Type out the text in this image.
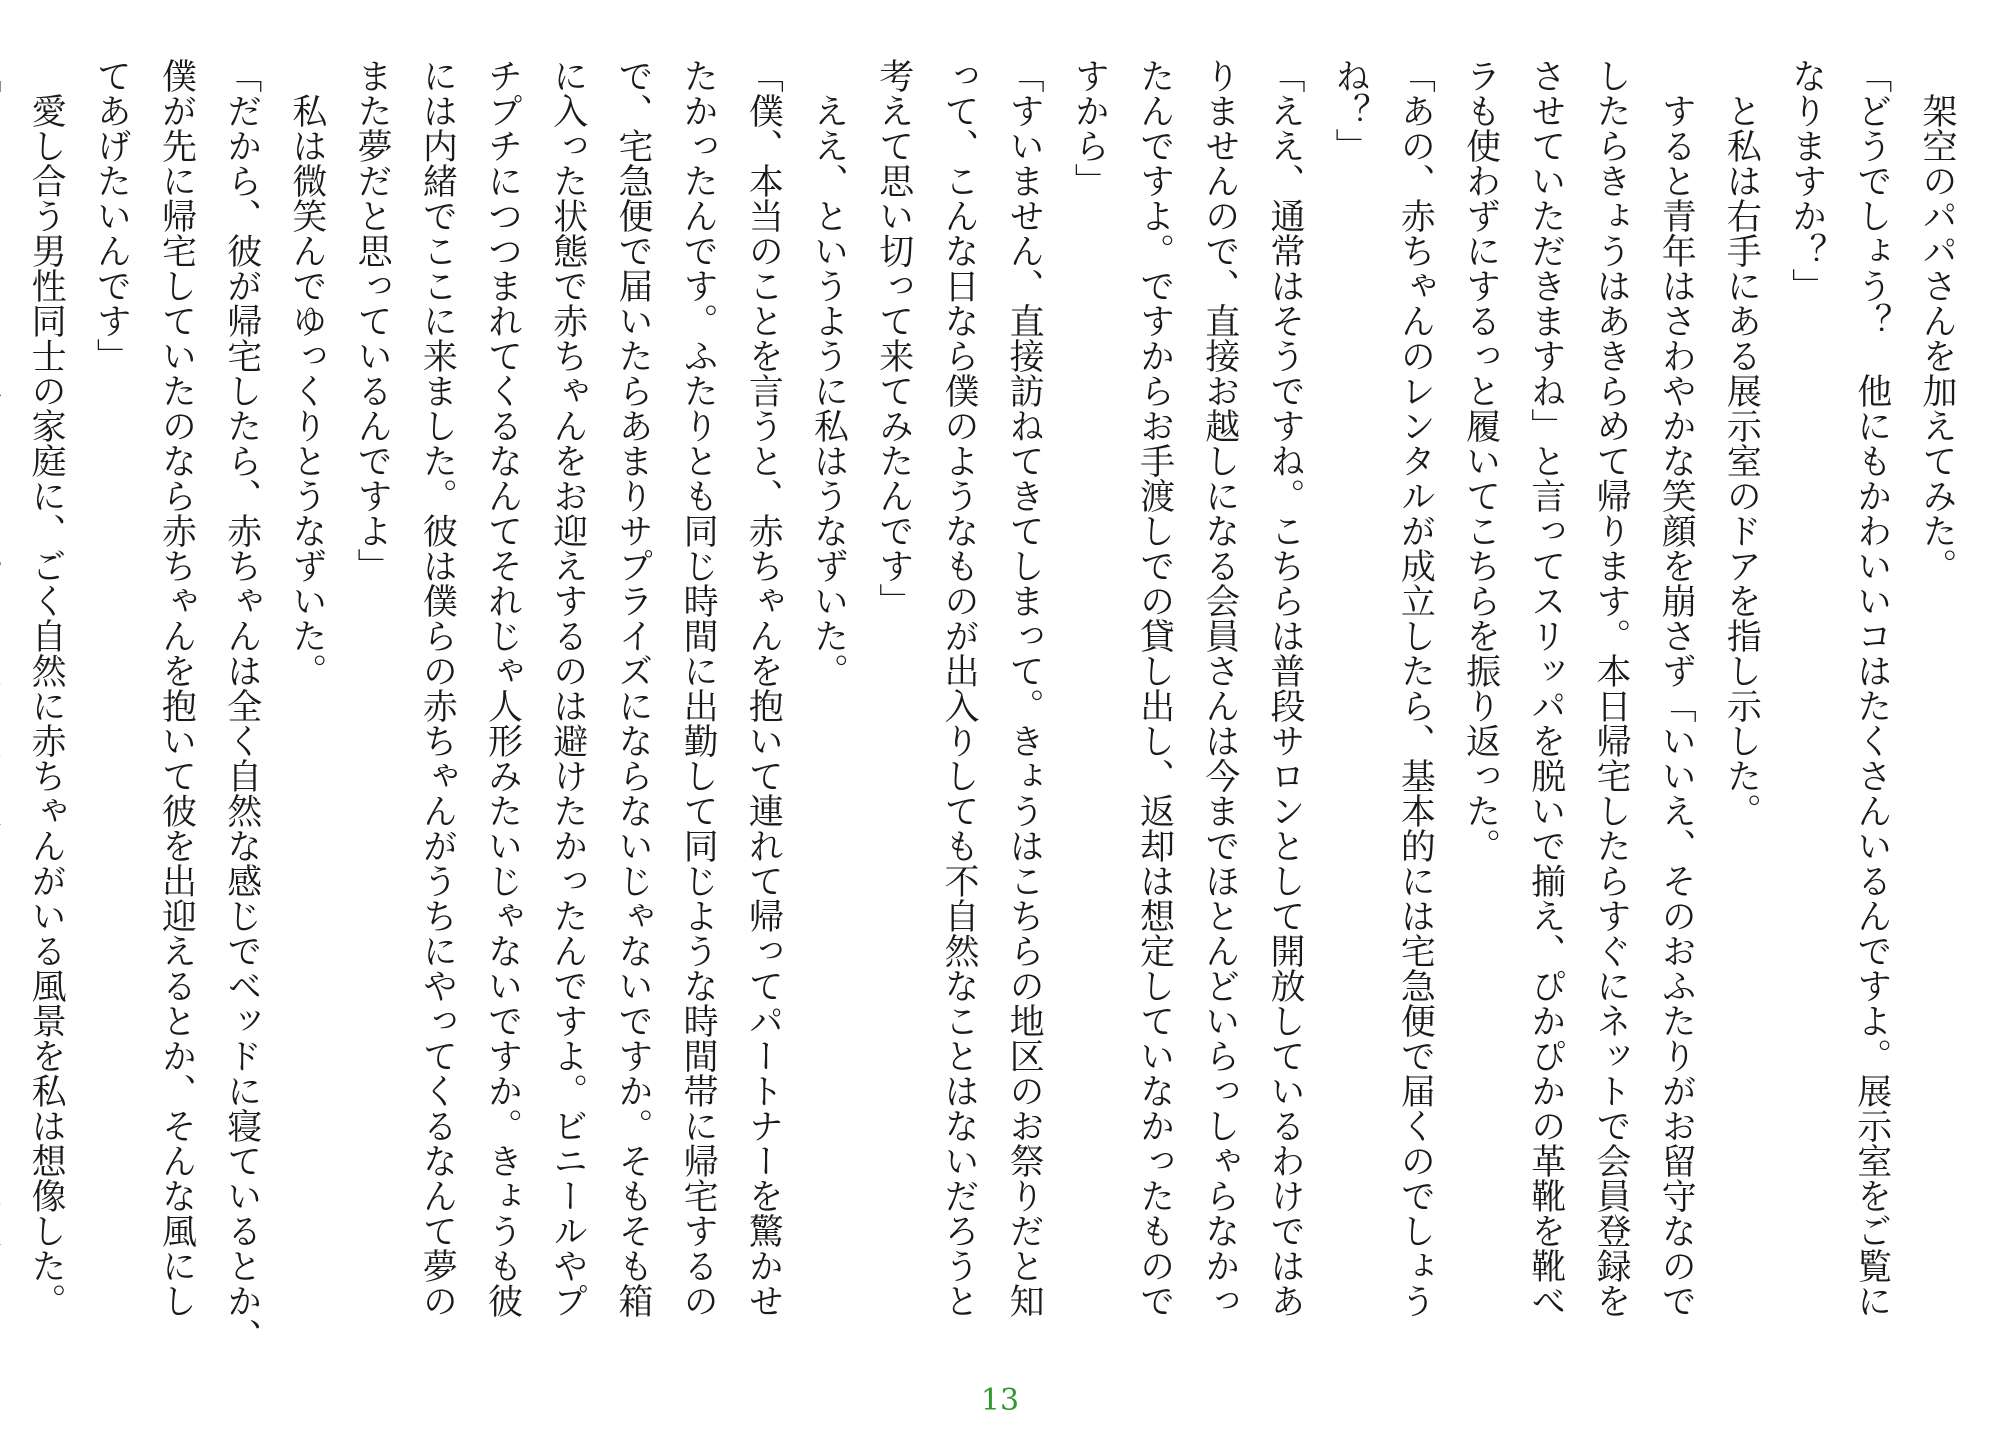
　架空のパパさんを加えてみた。
「どうでしょう？　他にもかわいいコはたくさんいるんですよ。展示室をご覧に
なりますか？」
　と私は右手にある展示室のドアを指し示した。
　すると青年はさわやかな笑顔を崩さず「いいえ、そのおふたりがお留守なので
したらきょうはあきらめて帰ります。本日帰宅したらすぐにネットで会員登録を
させていただきますね」と言ってスリッパを脱いで揃え、ぴかぴかの革靴を靴べ
ラも使わずにするっと履いてこちらを振り返った。
「あの、赤ちゃんのレンタルが成立したら、基本的には宅急便で届くのでしょう
ね？」
「ええ、通常はそうですね。こちらは普段サロンとして開放しているわけではあ
りませんので、直接お越しになる会員さんは今までほとんどいらっしゃらなかっ
たんですよ。ですからお手渡しでの貸し出し、返却は想定していなかったもので
すから」
「すいません、直接訪ねてきてしまって。きょうはこちらの地区のお祭りだと知
って、こんな日なら僕のようなものが出入りしても不自然なことはないだろうと
考えて思い切って来てみたんです」
　ええ、というように私はうなずいた。
「僕、本当のことを言うと、赤ちゃんを抱いて連れて帰ってパートナーを驚かせ
たかったんです。ふたりとも同じ時間に出勤して同じような時間帯に帰宅するの
で、宅急便で届いたらあまりサプライズにならないじゃないですか。そもそも箱
に入った状態で赤ちゃんをお迎えするのは避けたかったんですよ。ビニールやプ
チプチにつつまれてくるなんてそれじゃ人形みたいじゃないですか。きょうも彼
には内緒でここに来ました。彼は僕らの赤ちゃんがうちにやってくるなんて夢の
また夢だと思っているんですよ」
　私は微笑んでゆっくりとうなずいた。
「だから、彼が帰宅したら、赤ちゃんは全く自然な感じでベッドに寝ているとか、
僕が先に帰宅していたのなら赤ちゃんを抱いて彼を出迎えるとか、そんな風にし
てあげたいんです」
　愛し合う男性同士の家庭に、ごく自然に赤ちゃんがいる風景を私は想像した。
13
